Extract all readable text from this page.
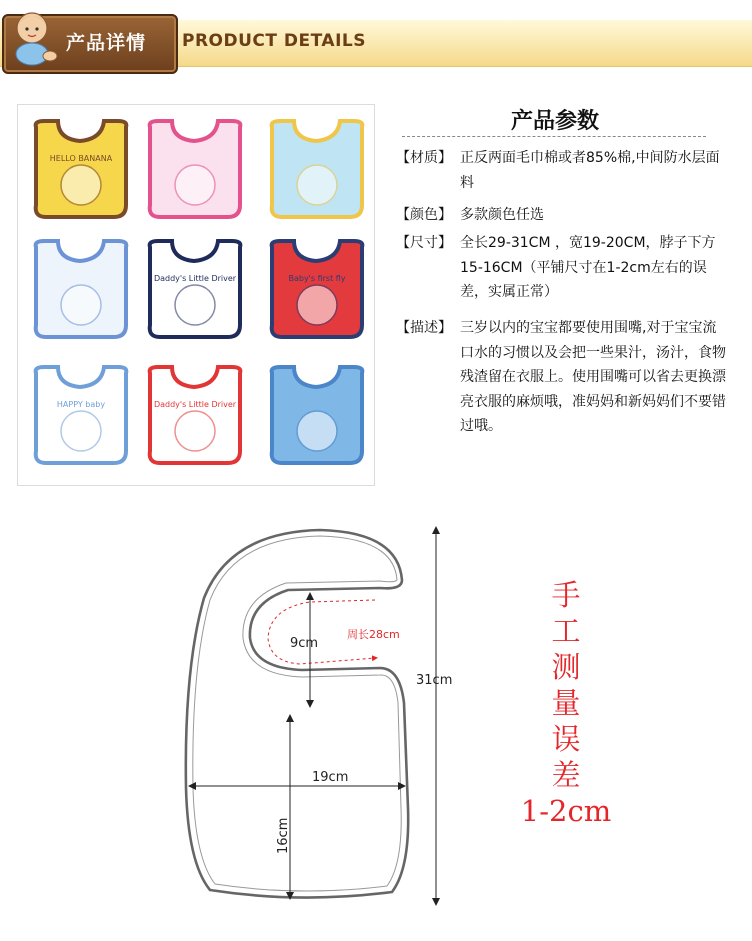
产品详情 PRODUCT DETAILS
HELLO BANANA
Daddy's Little Driver	Baby's first fly
HAPPY baby	Daddy's Little Driver
产品参数
【材质】 正反两面毛巾棉或者85%棉,中间防水层面料
【颜色】 多款颜色任选
【尺寸】 全长29-31CM ，宽19-20CM，脖子下方15-16CM（平铺尺寸在1-2cm左右的误差，实属正常）
【描述】 三岁以内的宝宝都要使用围嘴,对于宝宝流口水的习惯以及会把一些果汁，汤汁，食物残渣留在衣服上。使用围嘴可以省去更换漂亮衣服的麻烦哦，准妈妈和新妈妈们不要错过哦。
9cm
周长28cm
31cm
19cm
16cm
手
工
测
量
误
差
1-2cm
